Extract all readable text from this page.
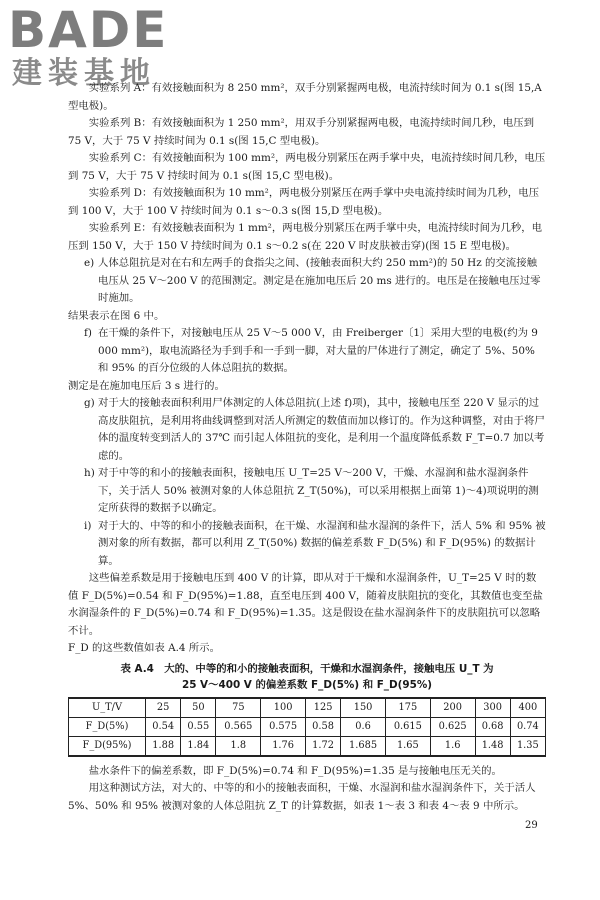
BADE
建装基地

实验系列 A：有效接触面积为 8 250 mm²，双手分别紧握两电极，电流持续时间为 0.1 s(图 15,A 型电极)。

实验系列 B：有效接触面积为 1 250 mm²，用双手分别紧握两电极，电流持续时间几秒，电压到 75 V，大于 75 V 持续时间为 0.1 s(图 15,C 型电极)。

实验系列 C：有效接触面积为 100 mm²，两电极分别紧压在两手掌中央，电流持续时间几秒，电压到 75 V，大于 75 V 持续时间为 0.1 s(图 15,C 型电极)。

实验系列 D：有效接触面积为 10 mm²，两电极分别紧压在两手掌中央电流持续时间为几秒，电压到 100 V，大于 100 V 持续时间为 0.1 s～0.3 s(图 15,D 型电极)。

实验系列 E：有效接触表面积为 1 mm²，两电极分别紧压在两手掌中央，电流持续时间为几秒，电压到 150 V，大于 150 V 持续时间为 0.1 s～0.2 s(在 220 V 时皮肤被击穿)(图 15 E 型电极)。

e) 人体总阻抗是对在右和左两手的食指尖之间、(接触表面积大约 250 mm²)的 50 Hz 的交流接触电压从 25 V～200 V 的范围测定。测定是在施加电压后 20 ms 进行的。电压是在接触电压过零时施加。

结果表示在图 6 中。

f) 在干燥的条件下，对接触电压从 25 V～5 000 V，由 Freiberger〔1〕采用大型的电极(约为 9 000 mm²)，取电流路径为手到手和一手到一脚，对大量的尸体进行了测定，确定了 5%、50% 和 95% 的百分位级的人体总阻抗的数据。

测定是在施加电压后 3 s 进行的。

g) 对于大的接触表面积利用尸体测定的人体总阻抗(上述 f)项)，其中，接触电压至 220 V 显示的过高皮肤阻抗，是利用将曲线调整到对活人所测定的数值而加以修订的。作为这种调整，对由于将尸体的温度转变到活人的 37℃ 而引起人体阻抗的变化，是利用一个温度降低系数 F_T=0.7 加以考虑的。
h) 对于中等的和小的接触表面积，接触电压 U_T=25 V～200 V，干燥、水湿润和盐水湿润条件下，关于活人 50% 被测对象的人体总阻抗 Z_T(50%)，可以采用根据上面第 1)～4)项说明的测定所获得的数据予以确定。
i) 对于大的、中等的和小的接触表面积，在干燥、水湿润和盐水湿润的条件下，活人 5% 和 95% 被测对象的所有数据，都可以利用 Z_T(50%) 数据的偏差系数 F_D(5%) 和 F_D(95%) 的数据计算。

这些偏差系数是用于接触电压到 400 V 的计算，即从对于干燥和水湿润条件，U_T=25 V 时的数值 F_D(5%)=0.54 和 F_D(95%)=1.88，直至电压到 400 V，随着皮肤阻抗的变化，其数值也变至盐水润湿条件的 F_D(5%)=0.74 和 F_D(95%)=1.35。这是假设在盐水湿润条件下的皮肤阻抗可以忽略不计。

F_D 的这些数值如表 A.4 所示。

表 A.4　大的、中等的和小的接触表面积，干燥和水湿润条件，接触电压 U_T 为
25 V～400 V 的偏差系数 F_D(5%) 和 F_D(95%)
U_T/V	25	50	75	100	125	150	175	200	300	400
F_D(5%)	0.54	0.55	0.565	0.575	0.58	0.6	0.615	0.625	0.68	0.74
F_D(95%)	1.88	1.84	1.8	1.76	1.72	1.685	1.65	1.6	1.48	1.35

盐水条件下的偏差系数，即 F_D(5%)=0.74 和 F_D(95%)=1.35 是与接触电压无关的。

用这种测试方法，对大的、中等的和小的接触表面积，干燥、水湿润和盐水湿润条件下，关于活人 5%、50% 和 95% 被测对象的人体总阻抗 Z_T 的计算数据，如表 1～表 3 和表 4～表 9 中所示。

29
